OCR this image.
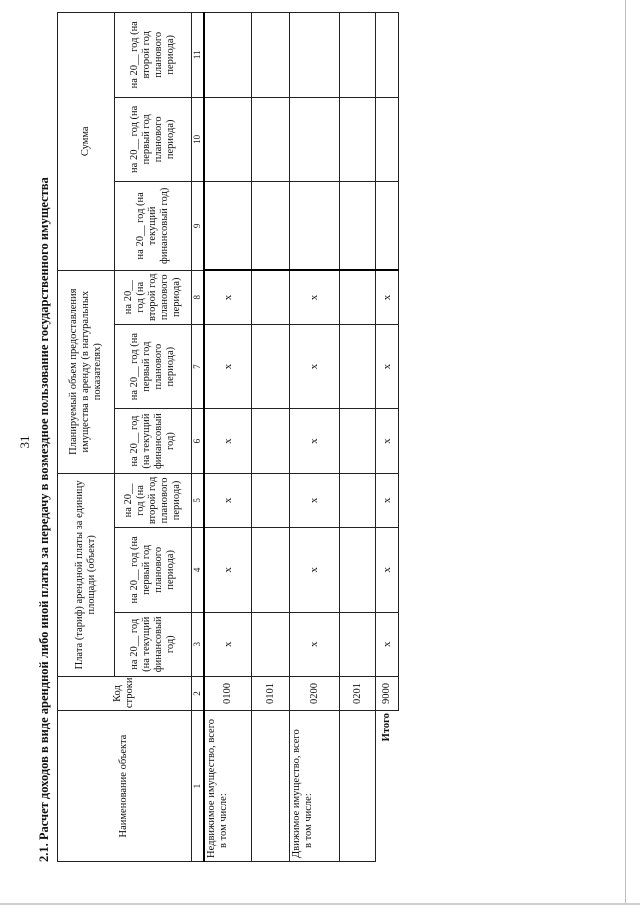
31 2.1. Расчет доходов в виде арендной либо иной платы за передачу в возмездное пользование государственного имущества	Наименование объекта	Код строки	Плата (тариф) арендной платы за единицу площади (объект)			Планируемый объем предоставления имущества в аренду (в натуральных показателях)			Сумма		
		на 20__ год (на текущий финансовый год)	на 20__ год (на первый год планового периода)	на 20__ год (на второй год планового периода)	на 20__ год (на текущий финансовый год)	на 20__ год (на первый год планового периода)	на 20__ год (на второй год планового периода)	на 20__ год (на текущий финансовый год)	на 20__ год (на первый год планового периода)	на 20__ год (на второй год планового периода)
1	2	3	4	5	6	7	8	9	10	11

Недвижимое имущество, всего в том числе:	0100	x	x	x	x	x	x			

	0101									

Движимое имущество, всего в том числе:	0200	x	x	x	x	x	x			

	0201									
Итого	9000	x	x	x	x	x	x			
